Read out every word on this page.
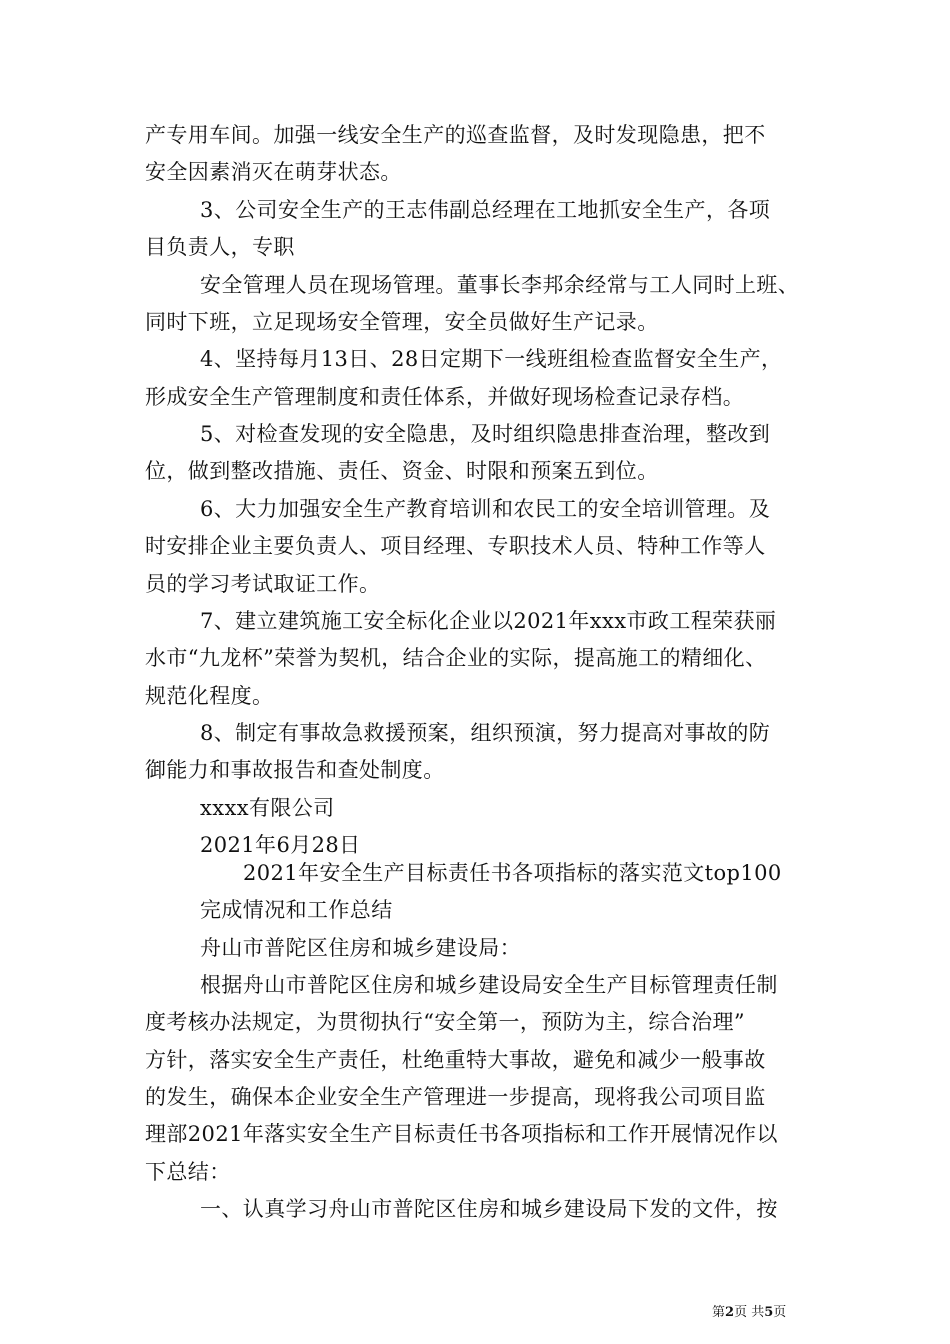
产专用车间。加强一线安全生产的巡查监督，及时发现隐患，把不
安全因素消灭在萌芽状态。
3、公司安全生产的王志伟副总经理在工地抓安全生产，各项
目负责人，专职
安全管理人员在现场管理。董事长李邦余经常与工人同时上班、
同时下班，立足现场安全管理，安全员做好生产记录。
4、坚持每月13日、28日定期下一线班组检查监督安全生产，
形成安全生产管理制度和责任体系，并做好现场检查记录存档。
5、对检查发现的安全隐患，及时组织隐患排查治理，整改到
位，做到整改措施、责任、资金、时限和预案五到位。
6、大力加强安全生产教育培训和农民工的安全培训管理。及
时安排企业主要负责人、项目经理、专职技术人员、特种工作等人
员的学习考试取证工作。
7、建立建筑施工安全标化企业以2021年xxx市政工程荣获丽
水市“九龙杯”荣誉为契机，结合企业的实际，提高施工的精细化、
规范化程度。
8、制定有事故急救援预案，组织预演，努力提高对事故的防
御能力和事故报告和查处制度。
xxxx有限公司
2021年6月28日
2021年安全生产目标责任书各项指标的落实范文top100
完成情况和工作总结
舟山市普陀区住房和城乡建设局：
根据舟山市普陀区住房和城乡建设局安全生产目标管理责任制
度考核办法规定，为贯彻执行“安全第一，预防为主，综合治理”
方针，落实安全生产责任，杜绝重特大事故，避免和减少一般事故
的发生，确保本企业安全生产管理进一步提高，现将我公司项目监
理部2021年落实安全生产目标责任书各项指标和工作开展情况作以
下总结：
一、认真学习舟山市普陀区住房和城乡建设局下发的文件，按
第2页 共5页
